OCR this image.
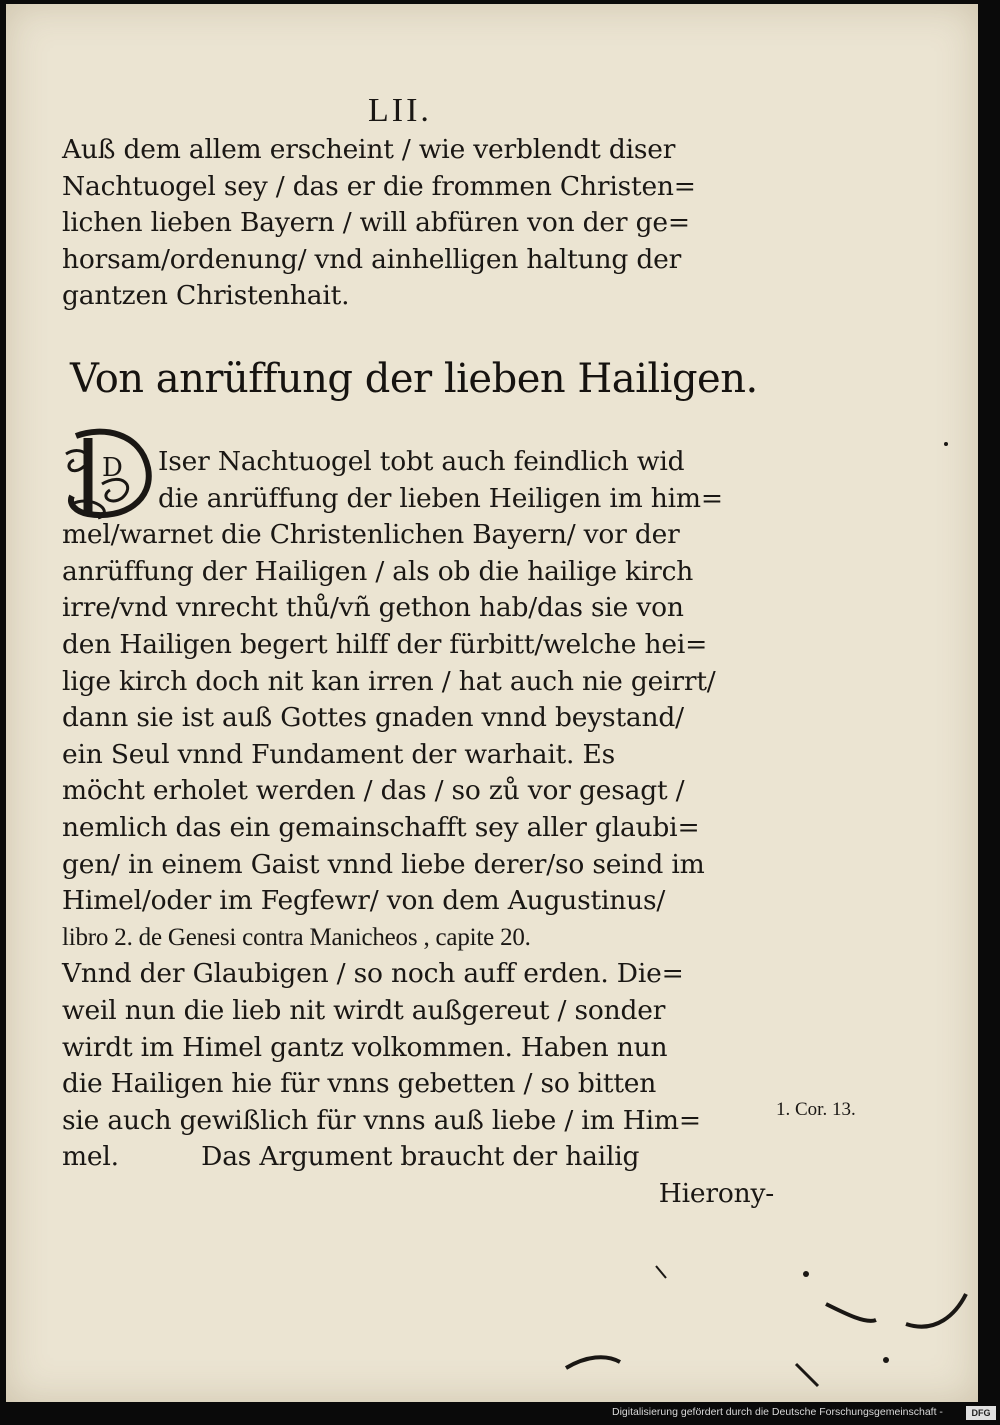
LII.
Auß dem allem erscheint / wie verblendt diser
Nachtuogel sey / das er die frommen Christen=
lichen lieben Bayern / will abfüren von der ge=
horsam/ordenung/ vnd ainhelligen haltung der
gantzen Christenhait.
Von anrüffung der lieben Hailigen.
D	Iser Nachtuogel tobt auch feindlich wid
die anrüffung der lieben Heiligen im him=
mel/warnet die Christenlichen Bayern/ vor der
anrüffung der Hailigen / als ob die hailige kirch
irre/vnd vnrecht thů/vñ gethon hab/das sie von
den Hailigen begert hilff der fürbitt/welche hei=
lige kirch doch nit kan irren / hat auch nie geirrt/
dann sie ist auß Gottes gnaden vnnd beystand/
ein Seul vnnd Fundament der warhait. Es
möcht erholet werden / das / so zů vor gesagt /
nemlich das ein gemainschafft sey aller glaubi=
gen/ in einem Gaist vnnd liebe derer/so seind im
Himel/oder im Fegfewr/ von dem Augustinus/
libro 2. de Genesi contra Manicheos , capite 20.
Vnnd der Glaubigen / so noch auff erden. Die=
weil nun die lieb nit wirdt außgereut / sonder
wirdt im Himel gantz volkommen. Haben nun
die Hailigen hie für vnns gebetten / so bitten
sie auch gewißlich für vnns auß liebe / im Him=
mel.          Das Argument braucht der hailig
Hierony-
1. Cor. 13.
Digitalisierung gefördert durch die Deutsche Forschungsgemeinschaft -	DFG
